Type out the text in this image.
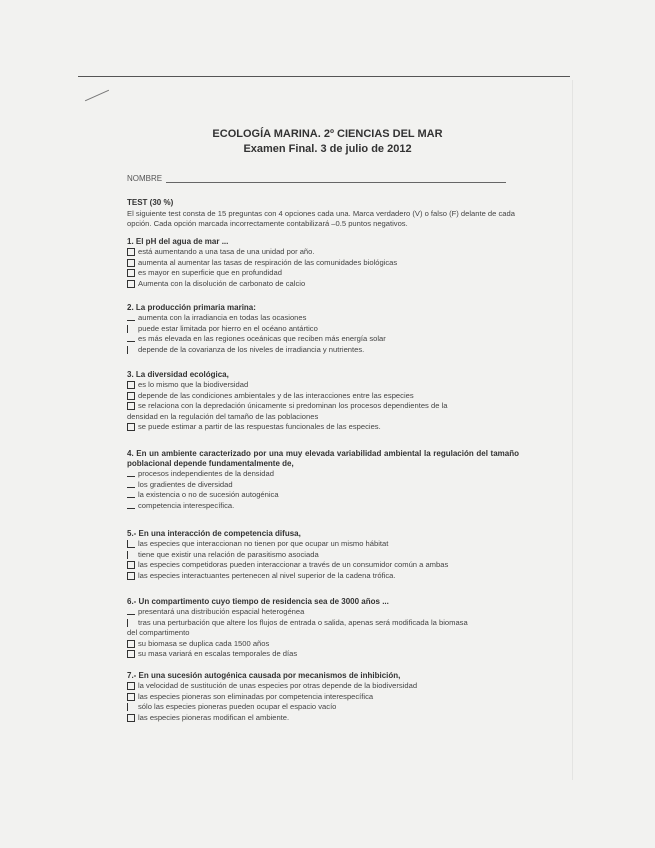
ECOLOGÍA MARINA. 2º CIENCIAS DEL MAR
Examen Final. 3 de julio de 2012
NOMBRE
TEST (30 %)
El siguiente test consta de 15 preguntas con 4 opciones cada una. Marca verdadero (V) o falso (F) delante de cada opción. Cada opción marcada incorrectamente contabilizará –0.5 puntos negativos.
1. El pH del agua de mar ...
está aumentando a una tasa de una unidad por año.
aumenta al aumentar las tasas de respiración de las comunidades biológicas
es mayor en superficie que en profundidad
Aumenta con la disolución de carbonato de calcio
2. La producción primaria marina:
aumenta con la irradiancia en todas las ocasiones
puede estar limitada por hierro en el océano antártico
es más elevada en las regiones oceánicas que reciben más energía solar
depende de la covarianza de los niveles de irradiancia y nutrientes.
3. La diversidad ecológica,
es lo mismo que la biodiversidad
depende de las condiciones ambientales y de las interacciones entre las especies
se relaciona con la depredación únicamente si predominan los procesos dependientes de la
densidad en la regulación del tamaño de las poblaciones
se puede estimar a partir de las respuestas funcionales de las especies.
4. En un ambiente caracterizado por una muy elevada variabilidad ambiental la regulación del tamaño poblacional depende fundamentalmente de,
procesos independientes de la densidad
los gradientes de diversidad
la existencia o no de sucesión autogénica
competencia interespecífica.
5.- En una interacción de competencia difusa,
las especies que interaccionan no tienen por que ocupar un mismo hábitat
tiene que existir una relación de parasitismo asociada
las especies competidoras pueden interaccionar a través de un consumidor común a ambas
las especies interactuantes pertenecen al nivel superior de la cadena trófica.
6.- Un compartimento cuyo tiempo de residencia sea de 3000 años ...
presentará una distribución espacial heterogénea
tras una perturbación que altere los flujos de entrada o salida, apenas será modificada la biomasa
del compartimento
su biomasa se duplica cada 1500 años
su masa variará en escalas temporales de días
7.- En una sucesión autogénica causada por mecanismos de inhibición,
la velocidad de sustitución de unas especies por otras depende de la biodiversidad
las especies pioneras son eliminadas por competencia interespecífica
sólo las especies pioneras pueden ocupar el espacio vacío
las especies pioneras modifican el ambiente.
